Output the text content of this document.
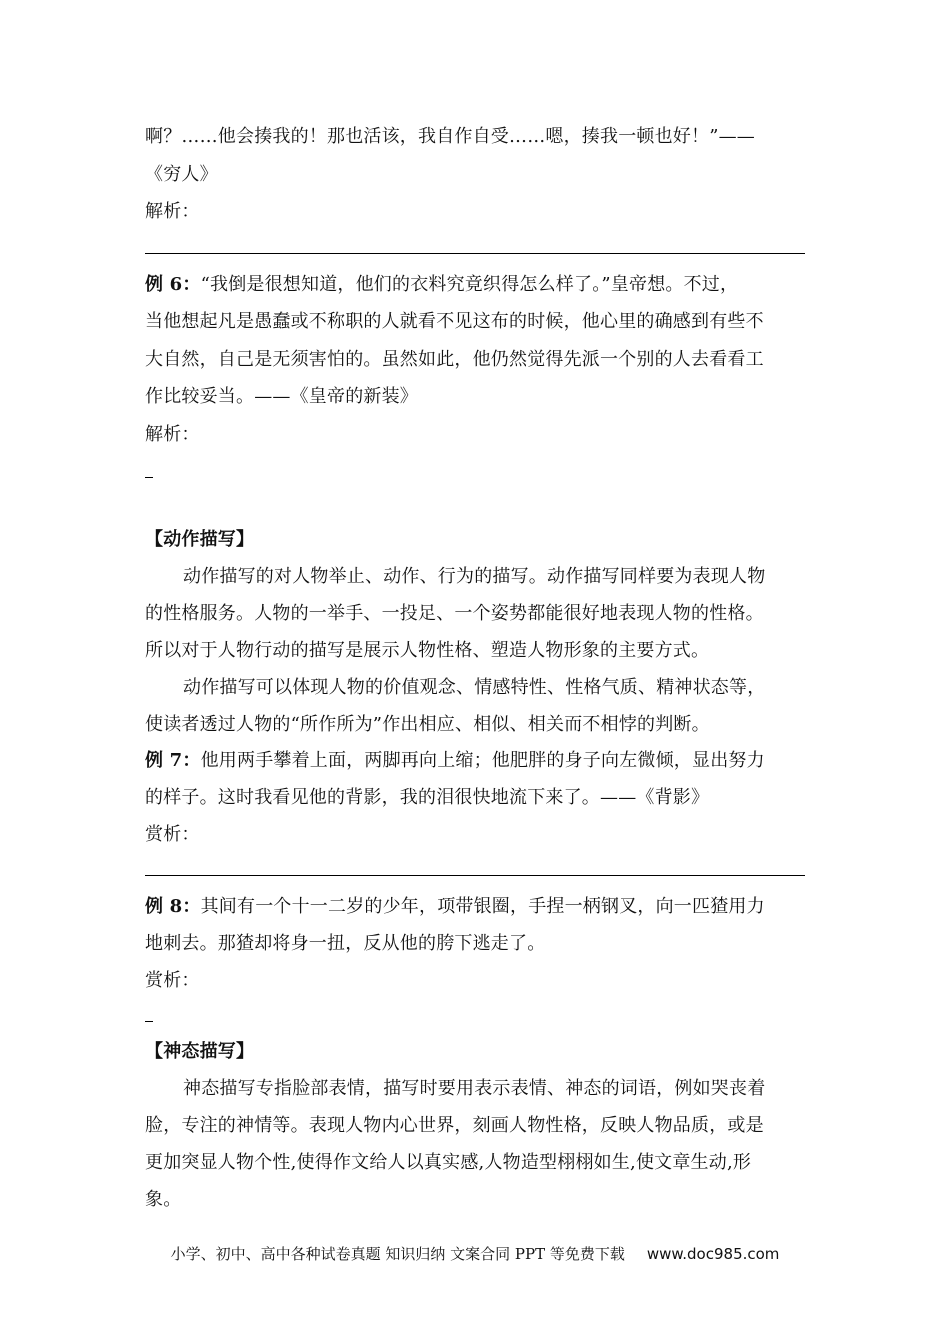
啊？……他会揍我的！那也活该，我自作自受……嗯，揍我一顿也好！”——
《穷人》
解析：
例 6：“我倒是很想知道，他们的衣料究竟织得怎么样了。”皇帝想。不过，
当他想起凡是愚蠢或不称职的人就看不见这布的时候，他心里的确感到有些不
大自然，自己是无须害怕的。虽然如此，他仍然觉得先派一个别的人去看看工
作比较妥当。——《皇帝的新装》
解析：
【动作描写】
动作描写的对人物举止、动作、行为的描写。动作描写同样要为表现人物
的性格服务。人物的一举手、一投足、一个姿势都能很好地表现人物的性格。
所以对于人物行动的描写是展示人物性格、塑造人物形象的主要方式。
动作描写可以体现人物的价值观念、情感特性、性格气质、精神状态等，
使读者透过人物的“所作所为”作出相应、相似、相关而不相悖的判断。
例 7：他用两手攀着上面，两脚再向上缩；他肥胖的身子向左微倾，显出努力
的样子。这时我看见他的背影，我的泪很快地流下来了。——《背影》
赏析：
例 8：其间有一个十一二岁的少年，项带银圈，手捏一柄钢叉，向一匹猹用力
地刺去。那猹却将身一扭，反从他的胯下逃走了。
赏析：
【神态描写】
神态描写专指脸部表情，描写时要用表示表情、神态的词语，例如哭丧着
脸，专注的神情等。表现人物内心世界，刻画人物性格，反映人物品质，或是
更加突显人物个性,使得作文给人以真实感,人物造型栩栩如生,使文章生动,形
象。
小学、初中、高中各种试卷真题 知识归纳 文案合同 PPT 等免费下载 www.doc985.com
